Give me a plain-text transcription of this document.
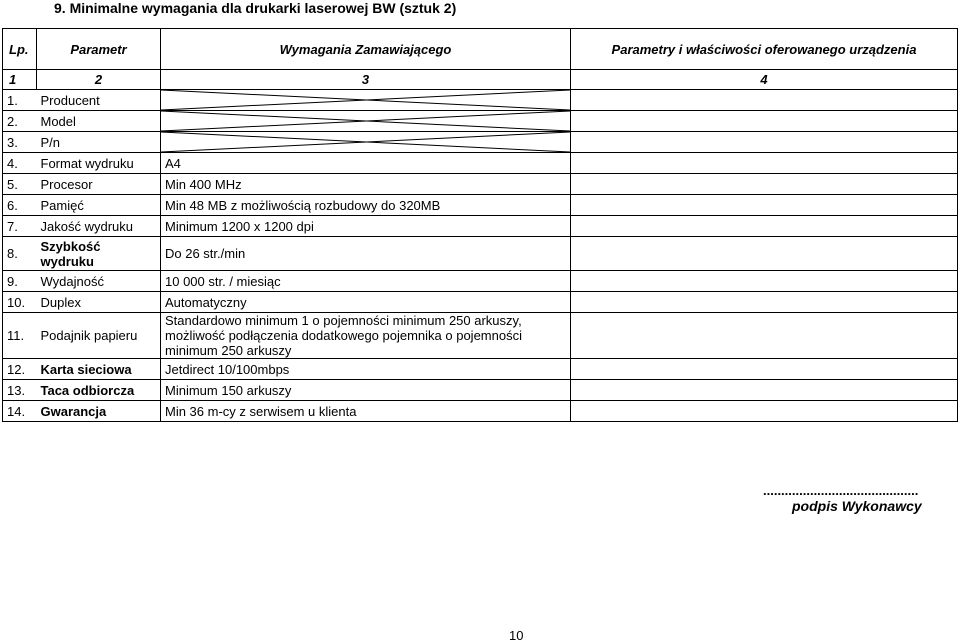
9. Minimalne wymagania dla drukarki laserowej BW (sztuk 2)
Lp.	Parametr	Wymagania Zamawiającego	Parametry i właściwości oferowanego urządzenia
1	2	3	4
1.	Producent	

2.	Model	

3.	P/n	

4.	Format wydruku	A4	
5.	Procesor	Min 400 MHz	
6.	Pamięć	Min 48 MB z możliwością rozbudowy do 320MB	
7.	Jakość wydruku	Minimum 1200 x 1200 dpi	
8.	Szybkość wydruku	Do 26 str./min	
9.	Wydajność	10 000 str. / miesiąc	
10.	Duplex	Automatyczny	
11.	Podajnik papieru	Standardowo minimum 1 o pojemności minimum 250 arkuszy, możliwość podłączenia dodatkowego pojemnika o pojemności minimum 250 arkuszy	
12.	Karta sieciowa	Jetdirect 10/100mbps	
13.	Taca odbiorcza	Minimum 150 arkuszy	
14.	Gwarancja	Min 36 m-cy z serwisem u klienta	
...........................................
podpis Wykonawcy
10
